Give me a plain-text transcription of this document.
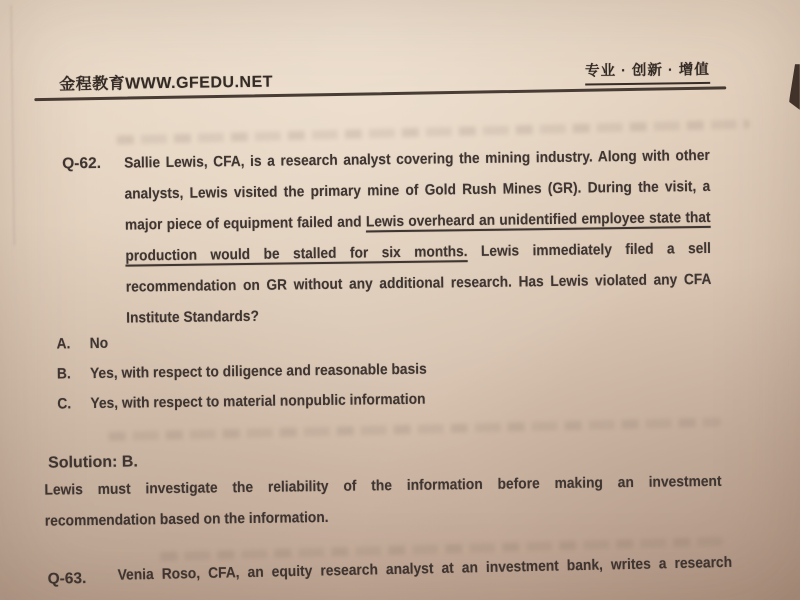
金程教育WWW.GFEDU.NET
专业 · 创新 · 增值
Q-62. Sallie Lewis, CFA, is a research analyst covering the mining industry. Along with other analysts, Lewis visited the primary mine of Gold Rush Mines (GR). During the visit, a major piece of equipment failed and Lewis overheard an unidentified employee state that production would be stalled for six months. Lewis immediately filed a sell recommendation on GR without any additional research. Has Lewis violated any CFA Institute Standards?
A. No
B. Yes, with respect to diligence and reasonable basis
C. Yes, with respect to material nonpublic information
Solution: B.
Lewis must investigate the reliability of the information before making an investment
recommendation based on the information.
Q-63. Venia Roso, CFA, an equity research analyst at an investment bank, writes a research
